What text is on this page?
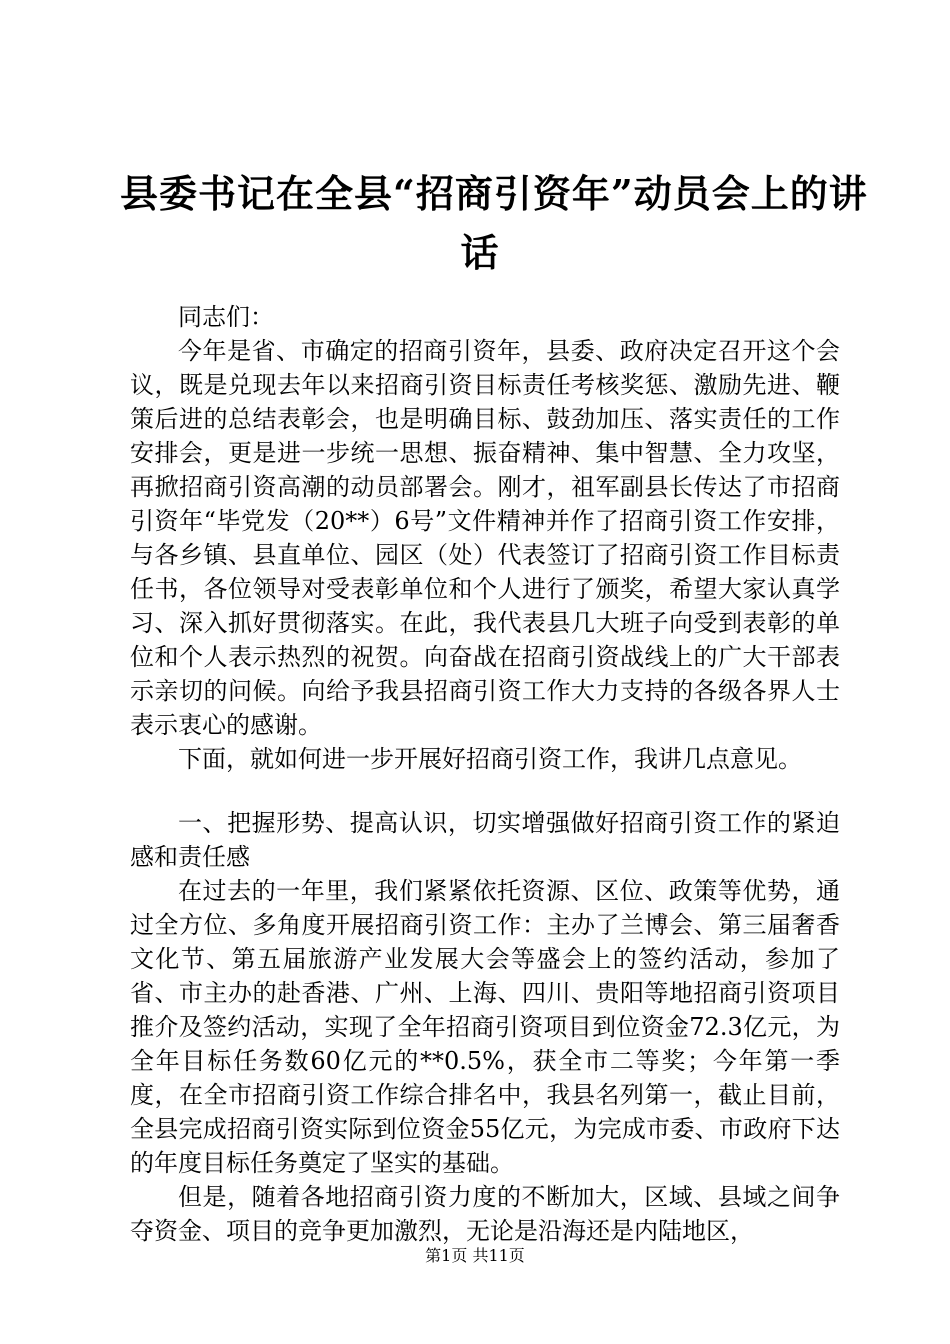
县委书记在全县“招商引资年”动员会上的讲
话

同志们：

今年是省、市确定的招商引资年，县委、政府决定召开这个会议，既是兑现去年以来招商引资目标责任考核奖惩、激励先进、鞭策后进的总结表彰会，也是明确目标、鼓劲加压、落实责任的工作安排会，更是进一步统一思想、振奋精神、集中智慧、全力攻坚，再掀招商引资高潮的动员部署会。刚才，祖军副县长传达了市招商引资年“毕党发（20**）6号”文件精神并作了招商引资工作安排，与各乡镇、县直单位、园区（处）代表签订了招商引资工作目标责任书，各位领导对受表彰单位和个人进行了颁奖，希望大家认真学习、深入抓好贯彻落实。在此，我代表县几大班子向受到表彰的单位和个人表示热烈的祝贺。向奋战在招商引资战线上的广大干部表示亲切的问候。向给予我县招商引资工作大力支持的各级各界人士表示衷心的感谢。

下面，就如何进一步开展好招商引资工作，我讲几点意见。

一、把握形势、提高认识，切实增强做好招商引资工作的紧迫感和责任感

在过去的一年里，我们紧紧依托资源、区位、政策等优势，通过全方位、多角度开展招商引资工作：主办了兰博会、第三届奢香文化节、第五届旅游产业发展大会等盛会上的签约活动，参加了省、市主办的赴香港、广州、上海、四川、贵阳等地招商引资项目推介及签约活动，实现了全年招商引资项目到位资金72.3亿元，为全年目标任务数60亿元的**0.5%，获全市二等奖；今年第一季度，在全市招商引资工作综合排名中，我县名列第一，截止目前，全县完成招商引资实际到位资金55亿元，为完成市委、市政府下达的年度目标任务奠定了坚实的基础。

但是，随着各地招商引资力度的不断加大，区域、县域之间争夺资金、项目的竞争更加激烈，无论是沿海还是内陆地区，

第1页 共11页
